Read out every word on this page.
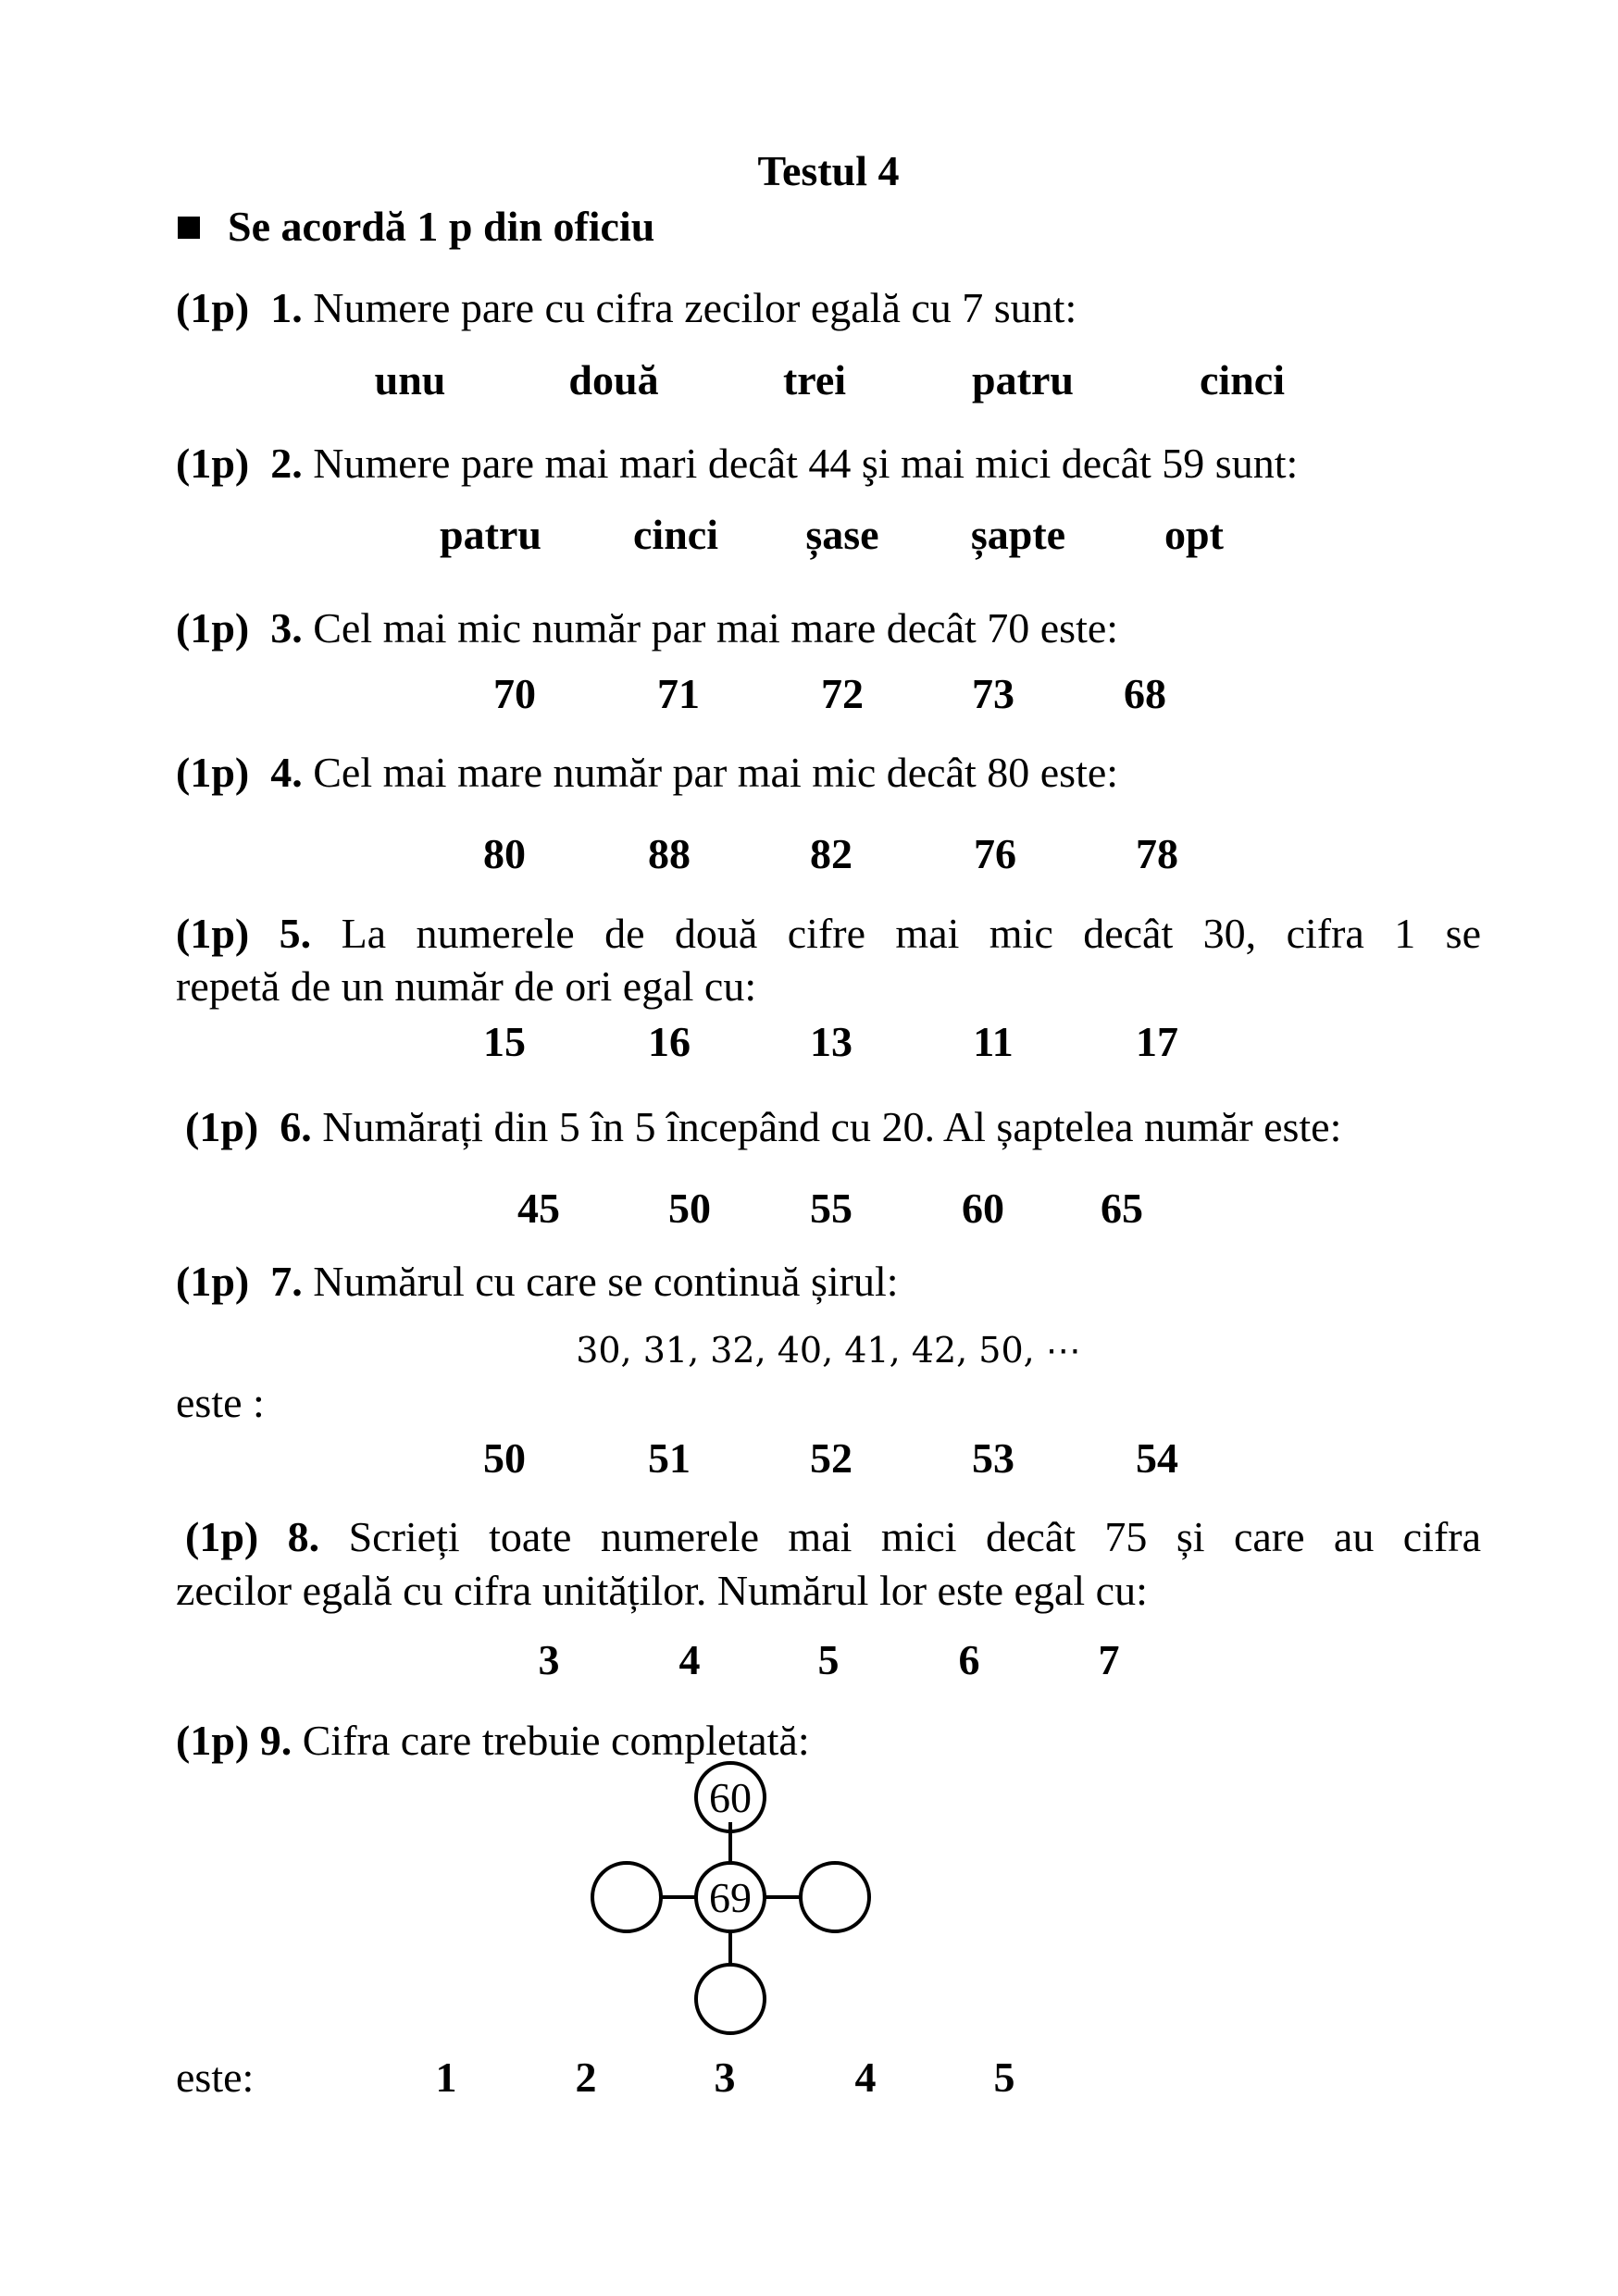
Testul 4
Se acordă 1 p din oficiu
(1p) 1. Numere pare cu cifra zecilor egală cu 7 sunt:
unu	două	trei	patru	cinci
(1p) 2. Numere pare mai mari decât 44 şi mai mici decât 59 sunt:
patru cinci șase șapte opt
(1p) 3. Cel mai mic număr par mai mare decât 70 este:
70	71	72	73	68
(1p) 4. Cel mai mare număr par mai mic decât 80 este:
80	88	82	76	78
(1p) 5. La numerele de două cifre mai mic decât 30, cifra 1 se
repetă de un număr de ori egal cu:
15	16	13	11	17
(1p) 6. Numărați din 5 în 5 începând cu 20. Al șaptelea număr este:
45	50 55	60 65
(1p) 7. Numărul cu care se continuă șirul:
30, 31, 32, 40, 41, 42, 50, ⋯
este :
50	51	52	53	54
(1p) 8. Scrieți toate numerele mai mici decât 75 și care au cifra
zecilor egală cu cifra unităților. Numărul lor este egal cu:
3	4	5	6	7
(1p) 9. Cifra care trebuie completată:
60
69
este:	1	2	3	4	5
